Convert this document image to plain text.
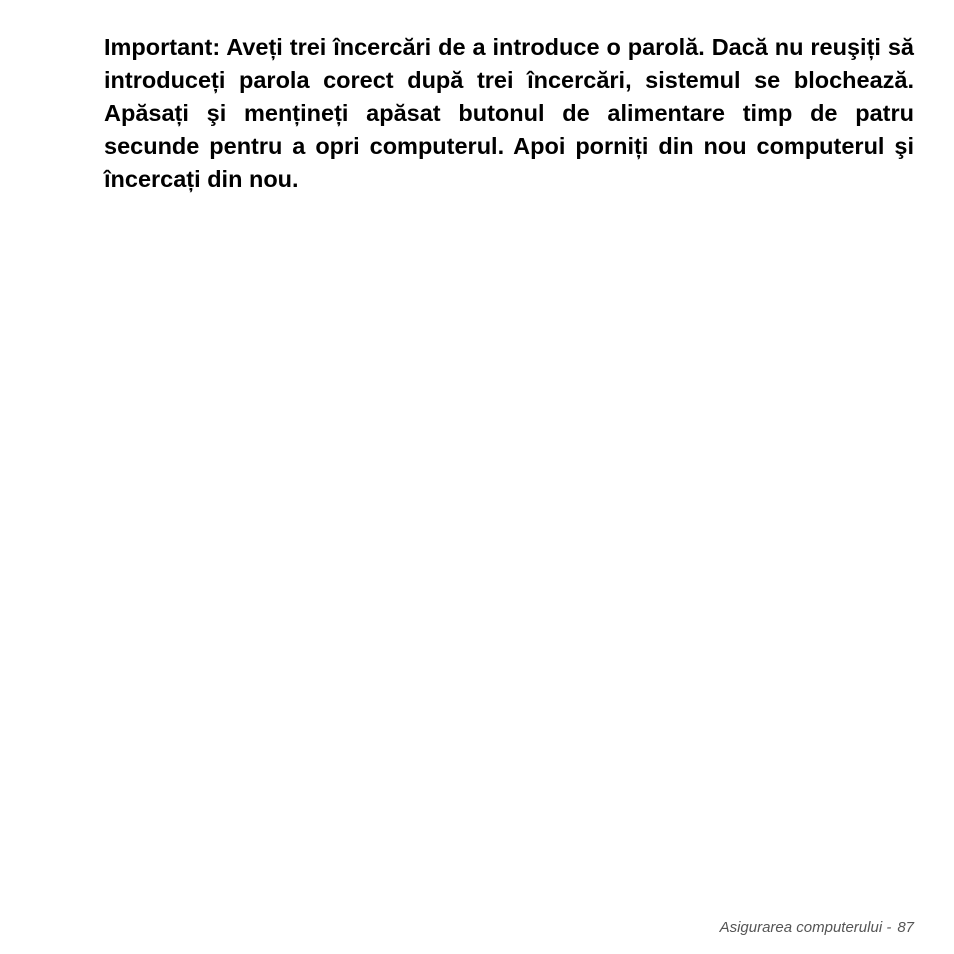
Important: Aveți trei încercări de a introduce o parolă. Dacă nu reuşiți să introduceți parola corect după trei încercări, sistemul se blochează. Apăsați şi mențineți apăsat butonul de alimentare timp de patru secunde pentru a opri computerul. Apoi porniți din nou computerul şi încercați din nou.

Asigurarea computerului - 87
